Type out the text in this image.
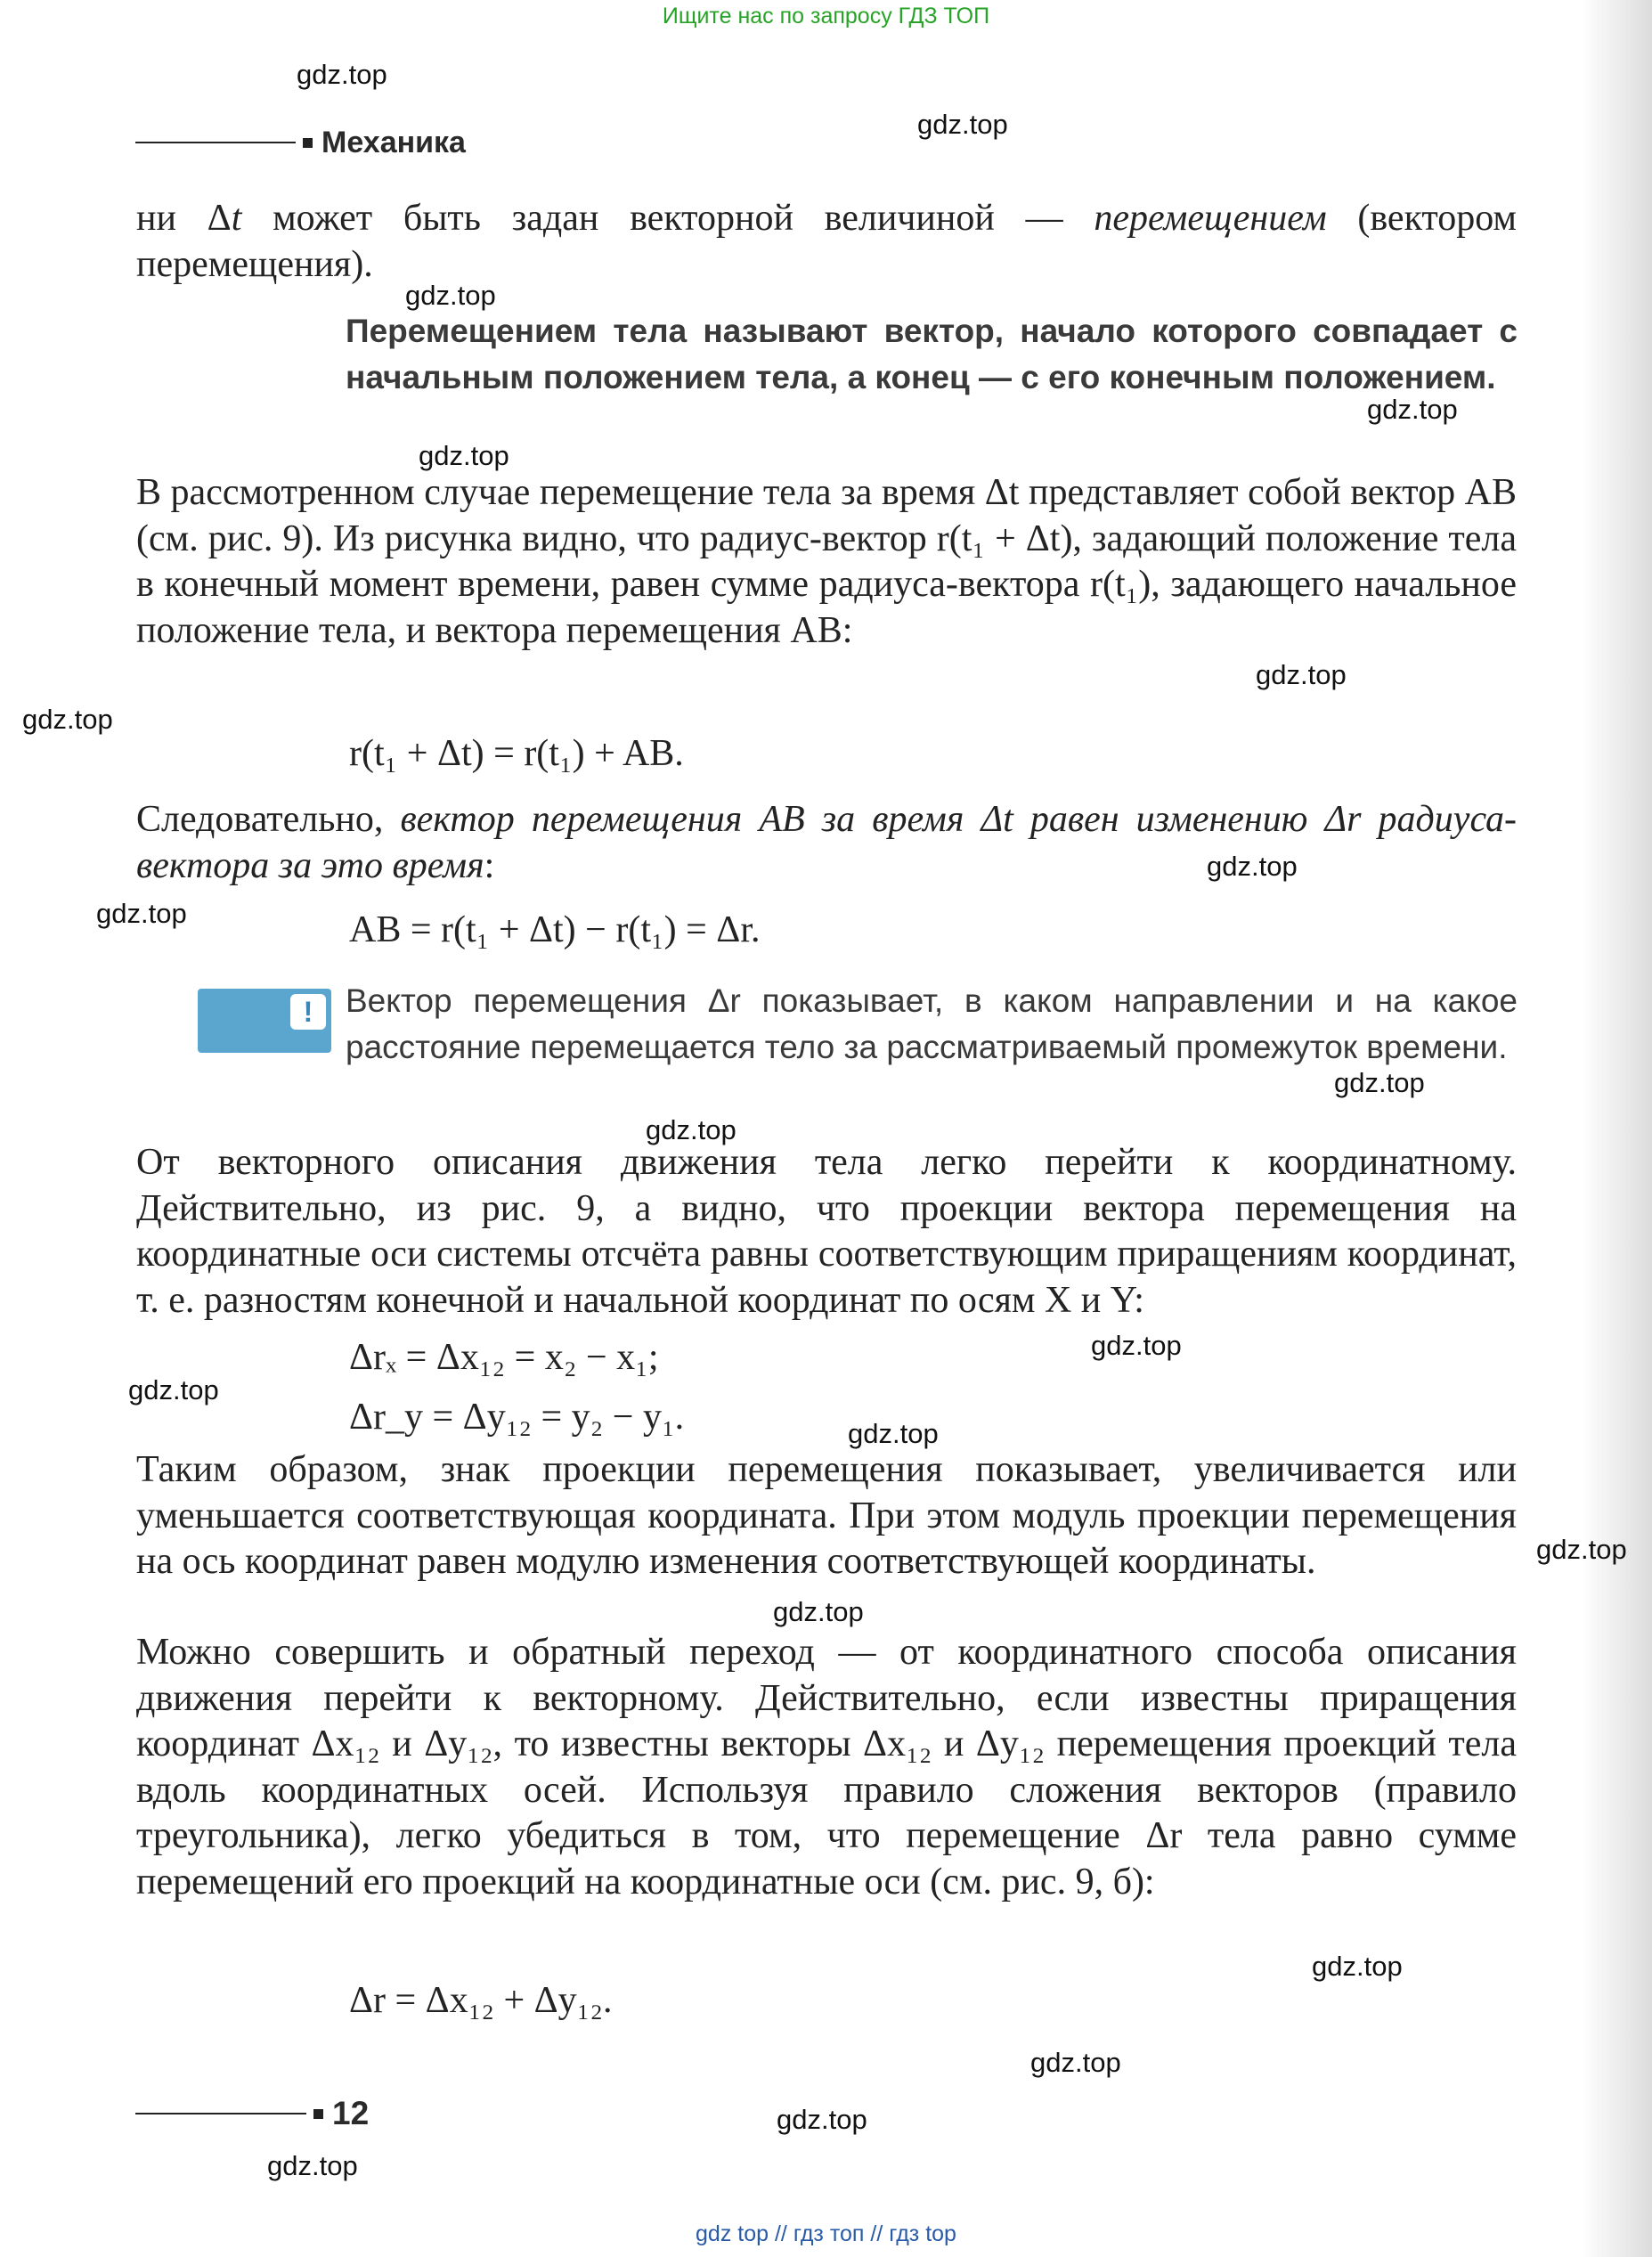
Ищите нас по запросу ГДЗ ТОП
Механика
ни Δt может быть задан векторной величиной — перемещением (вектором перемещения).
Перемещением тела называют вектор, начало которого совпадает с начальным положением тела, а конец — с его конечным положением.
В рассмотренном случае перемещение тела за время Δt представляет собой вектор AB (см. рис. 9). Из рисунка видно, что радиус-вектор r(t₁ + Δt), задающий положение тела в конечный момент времени, равен сумме радиуса-вектора r(t₁), задающего начальное положение тела, и вектора перемещения AB:
r(t₁ + Δt) = r(t₁) + AB.
Следовательно, вектор перемещения AB за время Δt равен изменению Δr радиуса-вектора за это время:
AB = r(t₁ + Δt) − r(t₁) = Δr.
! Вектор перемещения Δr показывает, в каком направлении и на какое расстояние перемещается тело за рассматриваемый промежуток времени.
От векторного описания движения тела легко перейти к координатному. Действительно, из рис. 9, а видно, что проекции вектора перемещения на координатные оси системы отсчёта равны соответствующим приращениям координат, т. е. разностям конечной и начальной координат по осям X и Y:
Δrₓ = Δx₁₂ = x₂ − x₁;
Δr_y = Δy₁₂ = y₂ − y₁.
Таким образом, знак проекции перемещения показывает, увеличивается или уменьшается соответствующая координата. При этом модуль проекции перемещения на ось координат равен модулю изменения соответствующей координаты.
Можно совершить и обратный переход — от координатного способа описания движения перейти к векторному. Действительно, если известны приращения координат Δx₁₂ и Δy₁₂, то известны векторы Δx₁₂ и Δy₁₂ перемещения проекций тела вдоль координатных осей. Используя правило сложения векторов (правило треугольника), легко убедиться в том, что перемещение Δr тела равно сумме перемещений его проекций на координатные оси (см. рис. 9, б):
Δr = Δx₁₂ + Δy₁₂.
12
gdz.top
gdz.top
gdz.top
gdz.top
gdz.top
gdz.top
gdz.top
gdz.top
gdz.top
gdz.top
gdz.top
gdz.top
gdz.top
gdz.top
gdz.top
gdz.top
gdz.top
gdz.top
gdz.top
gdz.top
gdz top // гдз топ // гдз top
